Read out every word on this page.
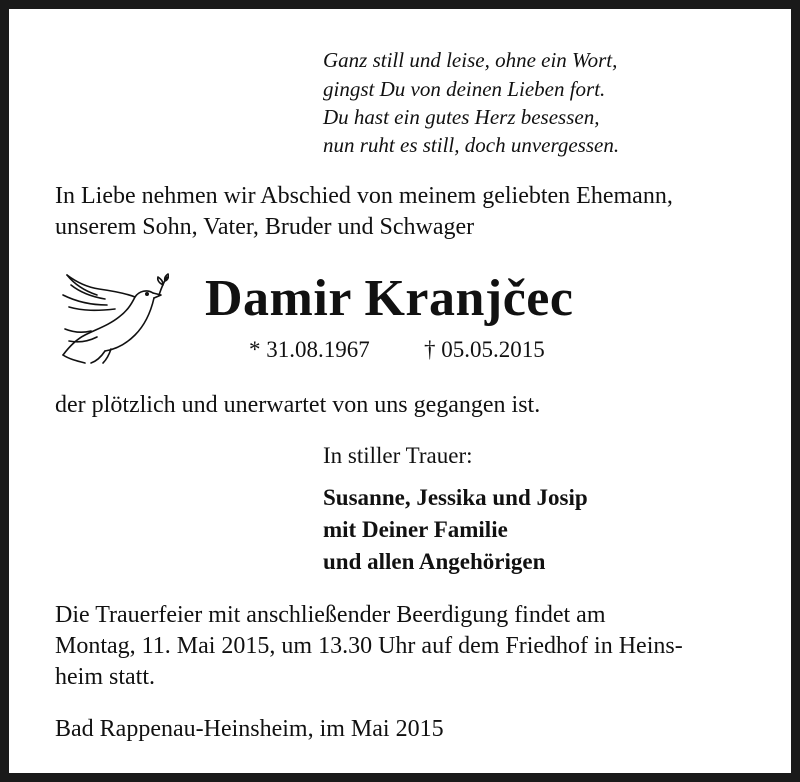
Ganz still und leise, ohne ein Wort,

gingst Du von deinen Lieben fort.

Du hast ein gutes Herz besessen,

nun ruht es still, doch unvergessen.

In Liebe nehmen wir Abschied von meinem geliebten Ehemann,

unserem Sohn, Vater, Bruder und Schwager

Damir Kranjčec

* 31.08.1967 † 05.05.2015

der plötzlich und unerwartet von uns gegangen ist.

In stiller Trauer:

Susanne, Jessika und Josip

mit Deiner Familie

und allen Angehörigen

Die Trauerfeier mit anschließender Beerdigung findet am

Montag, 11. Mai 2015, um 13.30 Uhr auf dem Friedhof in Heins-

heim statt.

Bad Rappenau-Heinsheim, im Mai 2015
